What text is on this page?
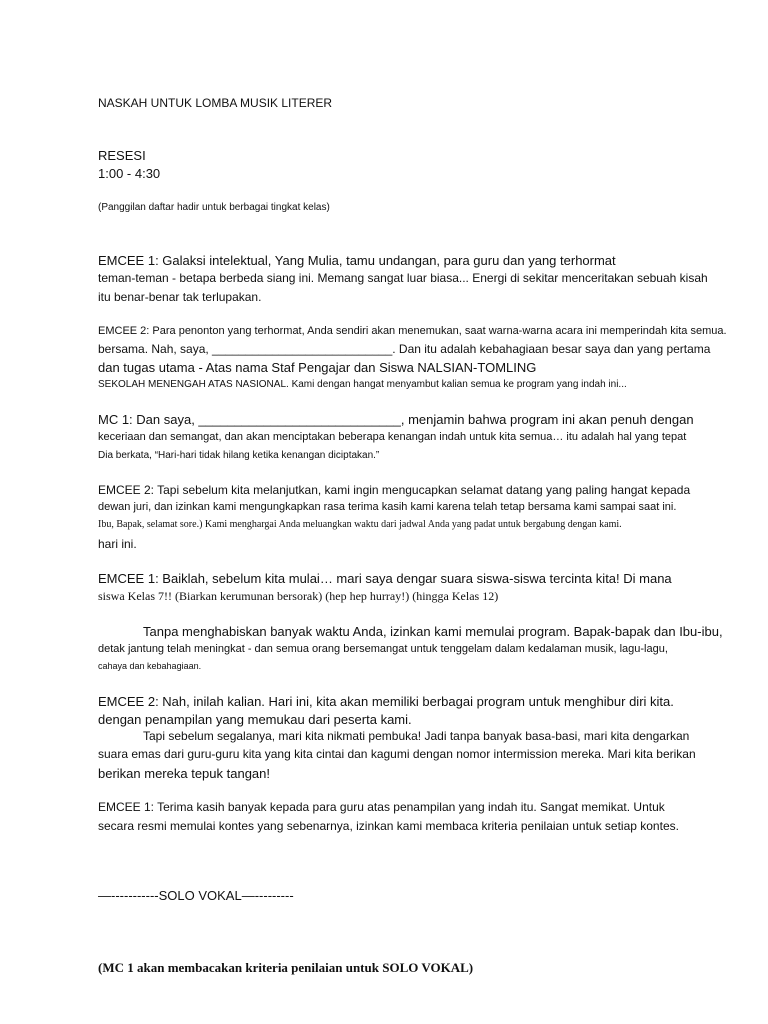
NASKAH UNTUK LOMBA MUSIK LITERER
RESESI
1:00 - 4:30
(Panggilan daftar hadir untuk berbagai tingkat kelas)
EMCEE 1: Galaksi intelektual, Yang Mulia, tamu undangan, para guru dan yang terhormat
teman-teman - betapa berbeda siang ini. Memang sangat luar biasa... Energi di sekitar menceritakan sebuah kisah
itu benar-benar tak terlupakan.
EMCEE 2: Para penonton yang terhormat, Anda sendiri akan menemukan, saat warna-warna acara ini memperindah kita semua.
bersama. Nah, saya, ___________________________. Dan itu adalah kebahagiaan besar saya dan yang pertama
dan tugas utama - Atas nama Staf Pengajar dan Siswa NALSIAN-TOMLING
SEKOLAH MENENGAH ATAS NASIONAL. Kami dengan hangat menyambut kalian semua ke program yang indah ini...
MC 1: Dan saya, ____________________________, menjamin bahwa program ini akan penuh dengan
keceriaan dan semangat, dan akan menciptakan beberapa kenangan indah untuk kita semua… itu adalah hal yang tepat
Dia berkata, “Hari-hari tidak hilang ketika kenangan diciptakan.”
EMCEE 2: Tapi sebelum kita melanjutkan, kami ingin mengucapkan selamat datang yang paling hangat kepada
dewan juri, dan izinkan kami mengungkapkan rasa terima kasih kami karena telah tetap bersama kami sampai saat ini.
Ibu, Bapak, selamat sore.) Kami menghargai Anda meluangkan waktu dari jadwal Anda yang padat untuk bergabung dengan kami.
hari ini.
EMCEE 1: Baiklah, sebelum kita mulai… mari saya dengar suara siswa-siswa tercinta kita! Di mana
siswa Kelas 7!! (Biarkan kerumunan bersorak) (hep hep hurray!) (hingga Kelas 12)
Tanpa menghabiskan banyak waktu Anda, izinkan kami memulai program. Bapak-bapak dan Ibu-ibu,
detak jantung telah meningkat - dan semua orang bersemangat untuk tenggelam dalam kedalaman musik, lagu-lagu,
cahaya dan kebahagiaan.
EMCEE 2: Nah, inilah kalian. Hari ini, kita akan memiliki berbagai program untuk menghibur diri kita.
dengan penampilan yang memukau dari peserta kami.
Tapi sebelum segalanya, mari kita nikmati pembuka! Jadi tanpa banyak basa-basi, mari kita dengarkan
suara emas dari guru-guru kita yang kita cintai dan kagumi dengan nomor intermission mereka. Mari kita berikan
berikan mereka tepuk tangan!
EMCEE 1: Terima kasih banyak kepada para guru atas penampilan yang indah itu. Sangat memikat. Untuk
secara resmi memulai kontes yang sebenarnya, izinkan kami membaca kriteria penilaian untuk setiap kontes.
—-----------SOLO VOKAL—---------
(MC 1 akan membacakan kriteria penilaian untuk SOLO VOKAL)
